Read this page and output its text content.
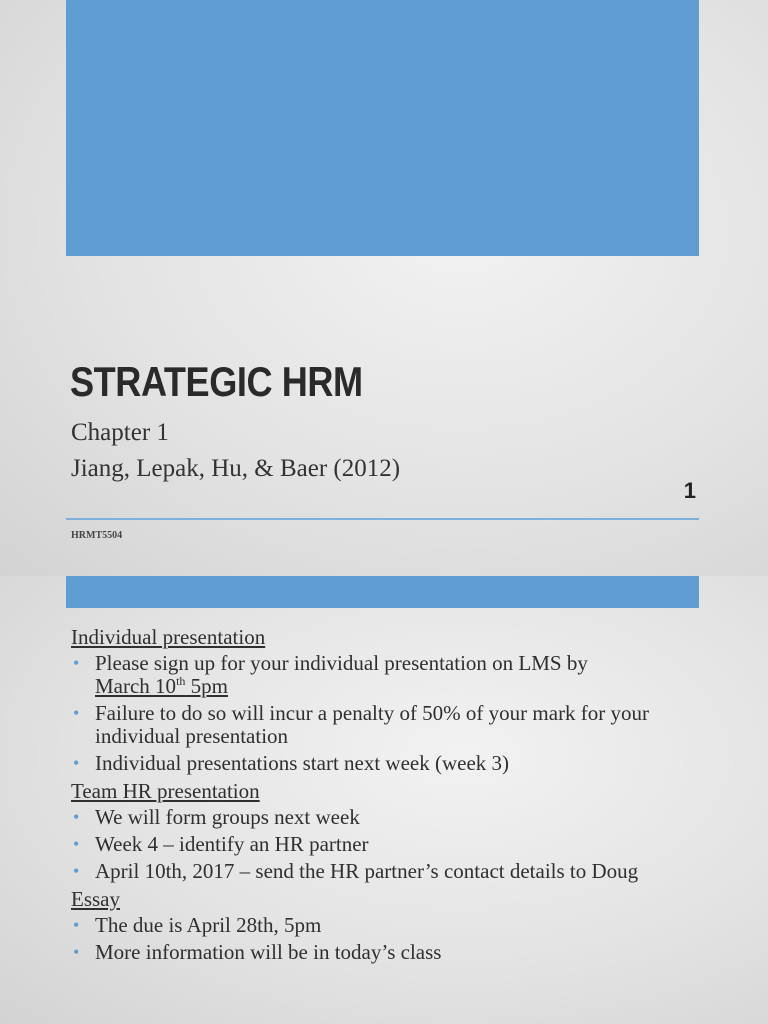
STRATEGIC HRM
Chapter 1
Jiang, Lepak, Hu, & Baer (2012)
1
HRMT5504
Individual presentation
• Please sign up for your individual presentation on LMS by
March 10th 5pm
• Failure to do so will incur a penalty of 50% of your mark for your individual presentation
• Individual presentations start next week (week 3)
Team HR presentation
• We will form groups next week
• Week 4 – identify an HR partner
• April 10th, 2017 – send the HR partner’s contact details to Doug
Essay
• The due is April 28th, 5pm
• More information will be in today’s class
